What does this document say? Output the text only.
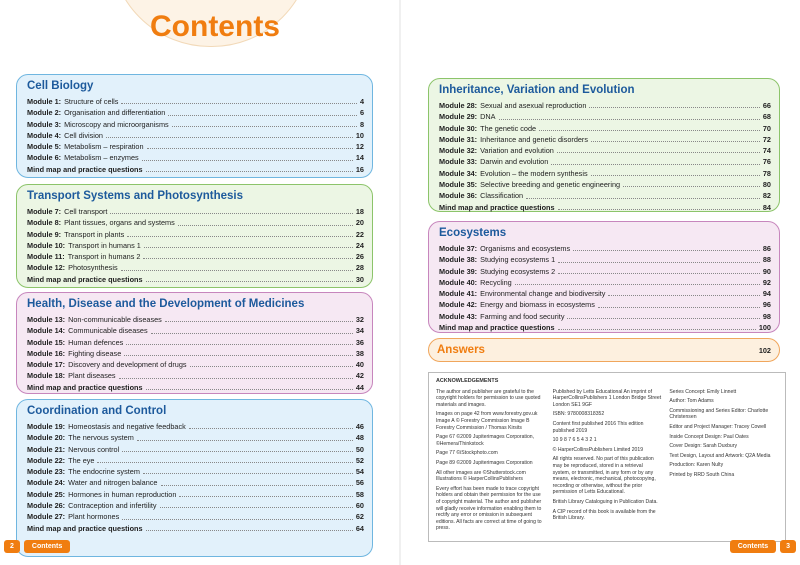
Contents
Cell Biology
Module 1: Structure of cells	4
Module 2: Organisation and differentiation	6
Module 3: Microscopy and microorganisms	8
Module 4: Cell division	10
Module 5: Metabolism – respiration	12
Module 6: Metabolism – enzymes	14
Mind map and practice questions	16
Transport Systems and Photosynthesis
Module 7: Cell transport	18
Module 8: Plant tissues, organs and systems	20
Module 9: Transport in plants	22
Module 10: Transport in humans 1	24
Module 11: Transport in humans 2	26
Module 12: Photosynthesis	28
Mind map and practice questions	30
Health, Disease and the Development of Medicines
Module 13: Non-communicable diseases	32
Module 14: Communicable diseases	34
Module 15: Human defences	36
Module 16: Fighting disease	38
Module 17: Discovery and development of drugs	40
Module 18: Plant diseases	42
Mind map and practice questions	44
Coordination and Control
Module 19: Homeostasis and negative feedback	46
Module 20: The nervous system	48
Module 21: Nervous control	50
Module 22: The eye	52
Module 23: The endocrine system	54
Module 24: Water and nitrogen balance	56
Module 25: Hormones in human reproduction	58
Module 26: Contraception and infertility	60
Module 27: Plant hormones	62
Mind map and practice questions	64
Inheritance, Variation and Evolution
Module 28: Sexual and asexual reproduction	66
Module 29: DNA	68
Module 30: The genetic code	70
Module 31: Inheritance and genetic disorders	72
Module 32: Variation and evolution	74
Module 33: Darwin and evolution	76
Module 34: Evolution – the modern synthesis	78
Module 35: Selective breeding and genetic engineering	80
Module 36: Classification	82
Mind map and practice questions	84
Ecosystems
Module 37: Organisms and ecosystems	86
Module 38: Studying ecosystems 1	88
Module 39: Studying ecosystems 2	90
Module 40: Recycling	92
Module 41: Environmental change and biodiversity	94
Module 42: Energy and biomass in ecosystems	96
Module 43: Farming and food security	98
Mind map and practice questions	100
Answers	102
ACKNOWLEDGEMENTS

The author and publisher are grateful to the copyright holders for permission to use quoted materials and images.

Images on page 42 from www.forestry.gov.uk Image A © Forestry Commission Image B Forestry Commission / Thomas Kirsits

Page 67 ©2009 Jupiterimages Corporation, ©Hemera/Thinkstock

Page 77 ©iStockphoto.com

Page 89 ©2009 Jupiterimages Corporation

All other images are ©Shutterstock.com Illustrations © HarperCollinsPublishers

Every effort has been made to trace copyright holders and obtain their permission for the use of copyright material. The author and publisher will gladly receive information enabling them to rectify any error or omission in subsequent editions. All facts are correct at time of going to press.

Published by Letts Educational An imprint of HarperCollinsPublishers 1 London Bridge Street London SE1 9GF

ISBN: 9780008318352

Content first published 2016 This edition published 2019

10 9 8 7 6 5 4 3 2 1

© HarperCollinsPublishers Limited 2019

All rights reserved. No part of this publication may be reproduced, stored in a retrieval system, or transmitted, in any form or by any means, electronic, mechanical, photocopying, recording or otherwise, without the prior permission of Letts Educational.

British Library Cataloguing in Publication Data.

A CIP record of this book is available from the British Library.

Series Concept: Emily Linnett

Author: Tom Adams

Commissioning and Series Editor: Charlotte Christensen

Editor and Project Manager: Tracey Cowell

Inside Concept Design: Paul Oates

Cover Design: Sarah Duxbury

Text Design, Layout and Artwork: Q2A Media

Production: Karen Nulty

Printed by RRD South China

2	Contents	Contents	3
